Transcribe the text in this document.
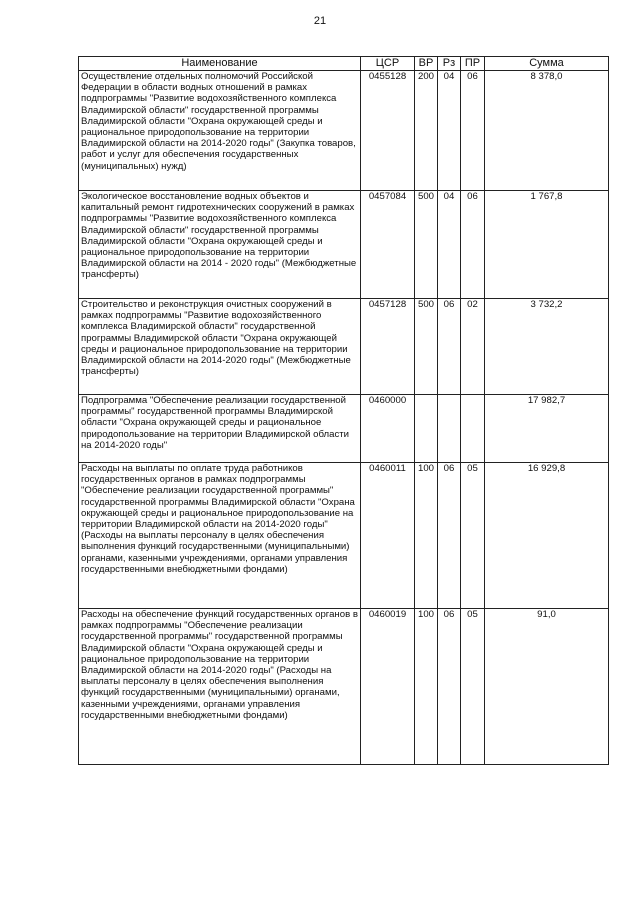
21
Наименование	ЦСР	ВР	Рз	ПР	Сумма
Осуществление отдельных полномочий Российской Федерации в области водных отношений в рамках подпрограммы "Развитие водохозяйственного комплекса Владимирской области" государственной программы Владимирской области "Охрана окружающей среды и рациональное природопользование на территории Владимирской области на 2014-2020 годы" (Закупка товаров, работ и услуг для обеспечения государственных (муниципальных) нужд)	0455128	200	04	06	8 378,0
Экологическое восстановление водных объектов и капитальный ремонт гидротехнических сооружений в рамках подпрограммы "Развитие водохозяйственного комплекса Владимирской области" государственной программы Владимирской области "Охрана окружающей среды и рациональное природопользование на территории Владимирской области на 2014 - 2020 годы" (Межбюджетные трансферты)	0457084	500	04	06	1 767,8
Строительство и реконструкция очистных сооружений в рамках подпрограммы "Развитие водохозяйственного комплекса Владимирской области" государственной программы Владимирской области "Охрана окружающей среды и рациональное природопользование на территории Владимирской области на 2014-2020 годы" (Межбюджетные трансферты)	0457128	500	06	02	3 732,2
Подпрограмма "Обеспечение реализации государственной программы" государственной программы Владимирской области "Охрана окружающей среды и рациональное природопользование на территории Владимирской области на 2014-2020 годы"	0460000				17 982,7
Расходы на выплаты по оплате труда работников государственных органов в рамках подпрограммы "Обеспечение реализации государственной программы" государственной программы Владимирской области "Охрана окружающей среды и рациональное природопользование на территории Владимирской области на 2014-2020 годы" (Расходы на выплаты персоналу в целях обеспечения выполнения функций государственными (муниципальными) органами, казенными учреждениями, органами управления государственными внебюджетными фондами)	0460011	100	06	05	16 929,8
Расходы на обеспечение функций государственных органов в рамках подпрограммы "Обеспечение реализации государственной программы" государственной программы Владимирской области "Охрана окружающей среды и рациональное природопользование на территории Владимирской области на 2014-2020 годы" (Расходы на выплаты персоналу в целях обеспечения выполнения функций государственными (муниципальными) органами, казенными учреждениями, органами управления государственными внебюджетными фондами)	0460019	100	06	05	91,0
